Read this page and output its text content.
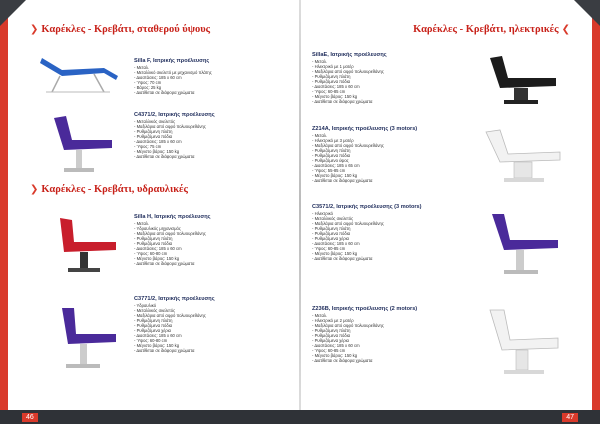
❯ Καρέκλες - Κρεβάτι, σταθερού ύψους
Silla F, Ιατρικής προέλευσης
- Μεταλ.
- Μεταλλικό σκελετό με μηχανισμό πλάτης
- Διαστάσεις: 185 x 60 cm
- Ύψος: 70 cm
- Βάρος: 25 kg
- Διατίθεται σε διάφορα χρώματα
C4371/2, Ιατρικής προέλευσης
- Μεταλλικός σκελετός
- Μαξιλάρια από αφρό πολυουρεθάνης
- Ρυθμιζόμενη πλάτη
- Ρυθμιζόμενα πόδια
- Διαστάσεις: 185 x 60 cm
- Ύψος: 75 cm
- Μέγιστο βάρος: 150 kg
- Διατίθεται σε διάφορα χρώματα
❯ Καρέκλες - Κρεβάτι, υδραυλικές
Silla H, Ιατρικής προέλευσης
- Μεταλ.
- Υδραυλικός μηχανισμός
- Μαξιλάρια από αφρό πολυουρεθάνης
- Ρυθμιζόμενη πλάτη
- Ρυθμιζόμενα πόδια
- Διαστάσεις: 185 x 60 cm
- Ύψος: 60-80 cm
- Μέγιστο βάρος: 150 kg
- Διατίθεται σε διάφορα χρώματα
C3771/2, Ιατρικής προέλευσης
- Υδραυλικό
- Μεταλλικός σκελετός
- Μαξιλάρια από αφρό πολυουρεθάνης
- Ρυθμιζόμενη πλάτη
- Ρυθμιζόμενα πόδια
- Ρυθμιζόμενα χέρια
- Διαστάσεις: 185 x 60 cm
- Ύψος: 60-80 cm
- Μέγιστο βάρος: 150 kg
- Διατίθεται σε διάφορα χρώματα
Καρέκλες - Κρεβάτι, ηλεκτρικές ❮
SillaE, Ιατρικής προέλευσης
- Μεταλ.
- Ηλεκτρικό με 1 μοτέρ
- Μαξιλάρια από αφρό πολυουρεθάνης
- Ρυθμιζόμενη πλάτη
- Ρυθμιζόμενα πόδια
- Διαστάσεις: 185 x 60 cm
- Ύψος: 60-85 cm
- Μέγιστο βάρος: 150 kg
- Διατίθεται σε διάφορα χρώματα
Z214A, Ιατρικής προέλευσης (3 motors)
- Μεταλ.
- Ηλεκτρικό με 3 μοτέρ
- Μαξιλάρια από αφρό πολυουρεθάνης
- Ρυθμιζόμενη πλάτη
- Ρυθμιζόμενα πόδια
- Ρυθμιζόμενο ύψος
- Διαστάσεις: 185 x 65 cm
- Ύψος: 55-85 cm
- Μέγιστο βάρος: 150 kg
- Διατίθεται σε διάφορα χρώματα
C3571/2, Ιατρικής προέλευσης (3 motors)
- Ηλεκτρικό
- Μεταλλικός σκελετός
- Μαξιλάρια από αφρό πολυουρεθάνης
- Ρυθμιζόμενη πλάτη
- Ρυθμιζόμενα πόδια
- Ρυθμιζόμενα χέρια
- Διαστάσεις: 185 x 60 cm
- Ύψος: 60-85 cm
- Μέγιστο βάρος: 150 kg
- Διατίθεται σε διάφορα χρώματα
Z236B, Ιατρικής προέλευσης (2 motors)
- Μεταλ.
- Ηλεκτρικό με 2 μοτέρ
- Μαξιλάρια από αφρό πολυουρεθάνης
- Ρυθμιζόμενη πλάτη
- Ρυθμιζόμενα πόδια
- Ρυθμιζόμενα χέρια
- Διαστάσεις: 185 x 60 cm
- Ύψος: 60-85 cm
- Μέγιστο βάρος: 150 kg
- Διατίθεται σε διάφορα χρώματα
46	47
